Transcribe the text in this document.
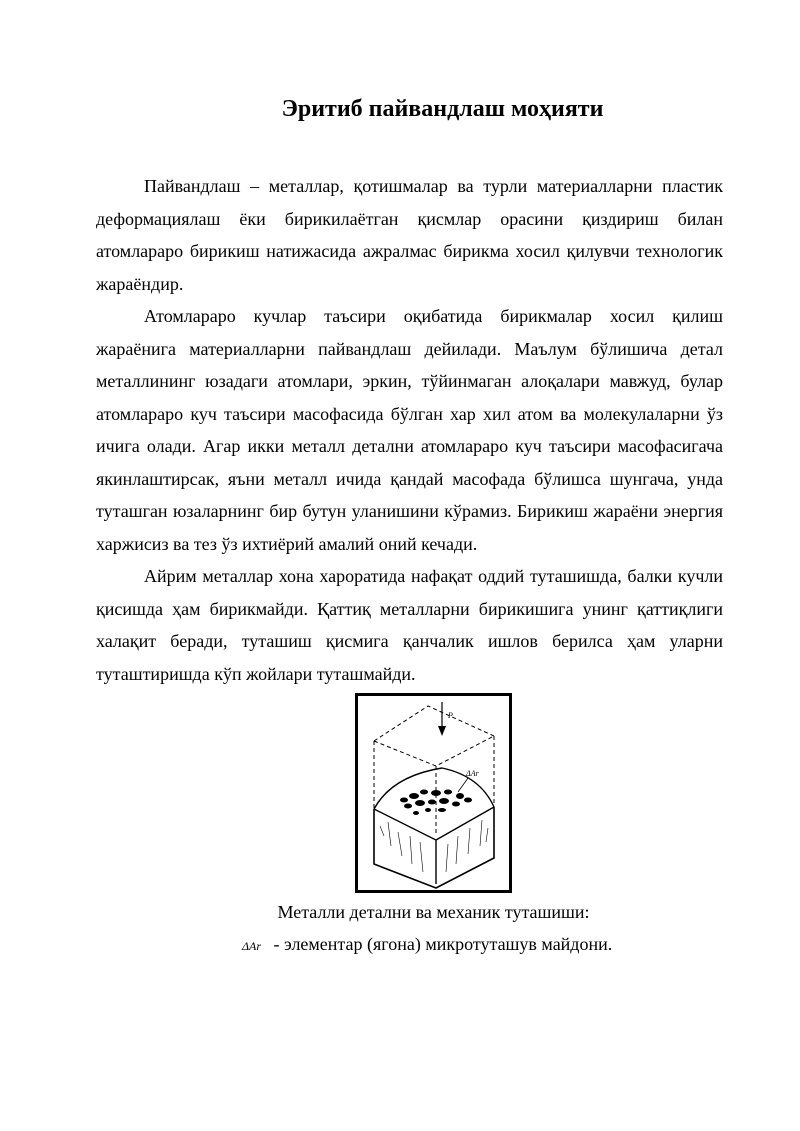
Эритиб пайвандлаш моҳияти

Пайвандлаш – металлар, қотишмалар ва турли материалларни пластик деформациялаш ёки бирикилаётган қисмлар орасини қиздириш билан атомлараро бирикиш натижасида ажралмас бирикма хосил қилувчи технологик жараёндир.

Атомлараро кучлар таъсири оқибатида бирикмалар хосил қилиш жараёнига материалларни пайвандлаш дейилади. Маълум бўлишича детал металлининг юзадаги атомлари, эркин, тўйинмаган алоқалари мавжуд, булар атомлараро куч таъсири масофасида бўлган хар хил атом ва молекулаларни ўз ичига олади. Агар икки металл детални атомлараро куч таъсири масофасигача якинлаштирсак, яъни металл ичида қандай масофада бўлишса шунгача, унда туташган юзаларнинг бир бутун уланишини кўрамиз. Бирикиш жараёни энергия харжисиз ва тез ўз ихтиёрий амалий оний кечади.

Айрим металлар хона хароратида нафақат оддий туташишда, балки кучли қисишда ҳам бирикмайди. Қаттиқ металларни бирикишига унинг қаттиқлиги халақит беради, туташиш қисмига қанчалик ишлов берилса ҳам уларни туташтиришда кўп жойлари туташмайди.

P
ΔAr

Металли детални ва механик туташиши:

ΔAr - элементар (ягона) микротуташув майдони.
